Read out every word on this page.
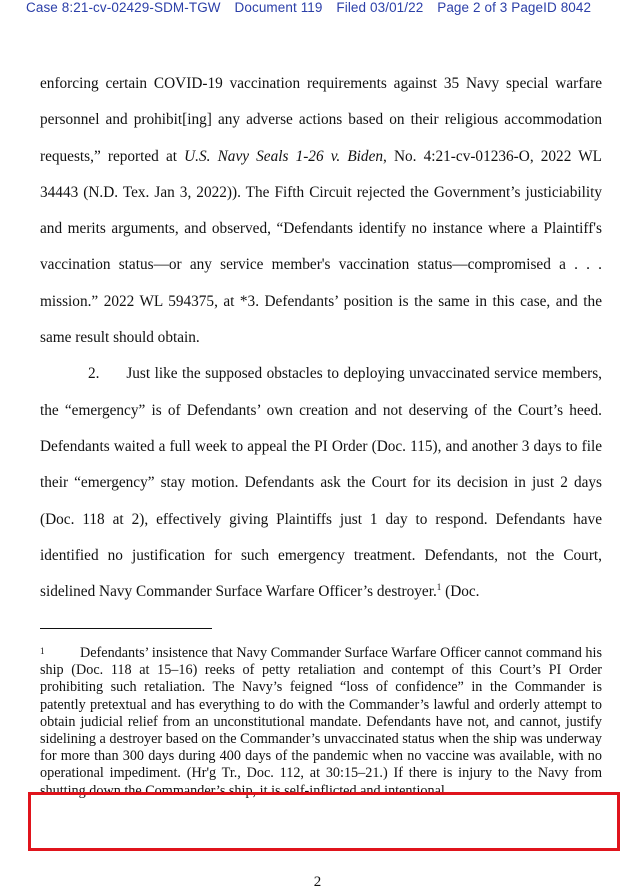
Case 8:21-cv-02429-SDM-TGW Document 119 Filed 03/01/22 Page 2 of 3 PageID 8042

enforcing certain COVID-19 vaccination requirements against 35 Navy special warfare personnel and prohibit[ing] any adverse actions based on their religious accommodation requests,” reported at U.S. Navy Seals 1-26 v. Biden, No. 4:21-cv-01236-O, 2022 WL 34443 (N.D. Tex. Jan 3, 2022)). The Fifth Circuit rejected the Government’s justiciability and merits arguments, and observed, “Defendants identify no instance where a Plaintiff's vaccination status—or any service member's vaccination status—compromised a . . . mission.” 2022 WL 594375, at *3. Defendants’ position is the same in this case, and the same result should obtain.

2. Just like the supposed obstacles to deploying unvaccinated service members, the “emergency” is of Defendants’ own creation and not deserving of the Court’s heed. Defendants waited a full week to appeal the PI Order (Doc. 115), and another 3 days to file their “emergency” stay motion. Defendants ask the Court for its decision in just 2 days (Doc. 118 at 2), effectively giving Plaintiffs just 1 day to respond. Defendants have identified no justification for such emergency treatment. Defendants, not the Court, sidelined Navy Commander Surface Warfare Officer’s destroyer.$^1$ (Doc.

1	Defendants’ insistence that Navy Commander Surface Warfare Officer cannot command his ship (Doc. 118 at 15–16) reeks of petty retaliation and contempt of this Court’s PI Order prohibiting such retaliation. The Navy’s feigned “loss of confidence” in the Commander is patently pretextual and has everything to do with the Commander’s lawful and orderly attempt to obtain judicial relief from an unconstitutional mandate. Defendants have not, and cannot, justify sidelining a destroyer based on the Commander’s unvaccinated status when the ship was underway for more than 300 days during 400 days of the pandemic when no vaccine was available, with no operational impediment. (Hr'g Tr., Doc. 112, at 30:15–21.) If there is injury to the Navy from shutting down the Commander’s ship, it is self-inflicted and intentional.

2
